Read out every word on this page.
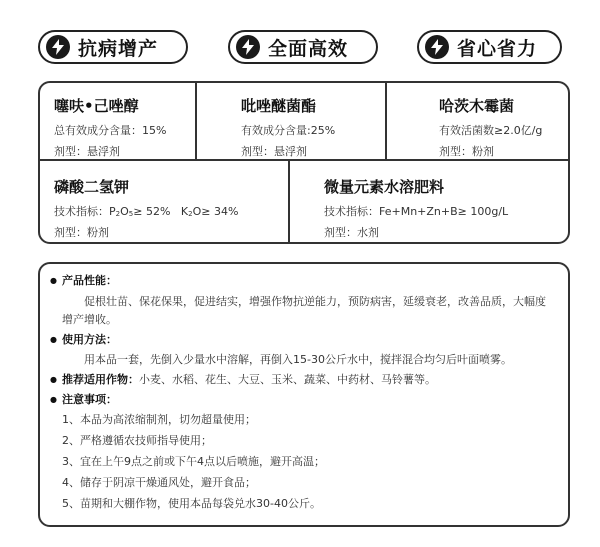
抗病增产	全面高效	省心省力
噻呋•己唑醇
总有效成分含量：15%
剂型：悬浮剂
吡唑醚菌酯
有效成分含量:25%
剂型：悬浮剂
哈茨木霉菌
有效活菌数≥2.0亿/g
剂型：粉剂
磷酸二氢钾
技术指标：$P_2O_5\ge 52\%$ $K_2O\ge 34\%$
剂型：粉剂
微量元素水溶肥料
技术指标：Fe+Mn+Zn+B≥ 100g/L
剂型：水剂
● 产品性能：
促根壮苗、保花保果，促进结实，增强作物抗逆能力，预防病害，延缓衰老，改善品质，大幅度
增产增收。
● 使用方法：
用本品一套，先倒入少量水中溶解，再倒入15-30公斤水中，搅拌混合均匀后叶面喷雾。
● 推荐适用作物：小麦、水稻、花生、大豆、玉米、蔬菜、中药材、马铃薯等。
● 注意事项：
1、本品为高浓缩制剂，切勿超量使用；
2、严格遵循农技师指导使用；
3、宜在上午9点之前或下午4点以后喷施，避开高温；
4、储存于阴凉干燥通风处，避开食品；
5、苗期和大棚作物，使用本品每袋兑水30-40公斤。
